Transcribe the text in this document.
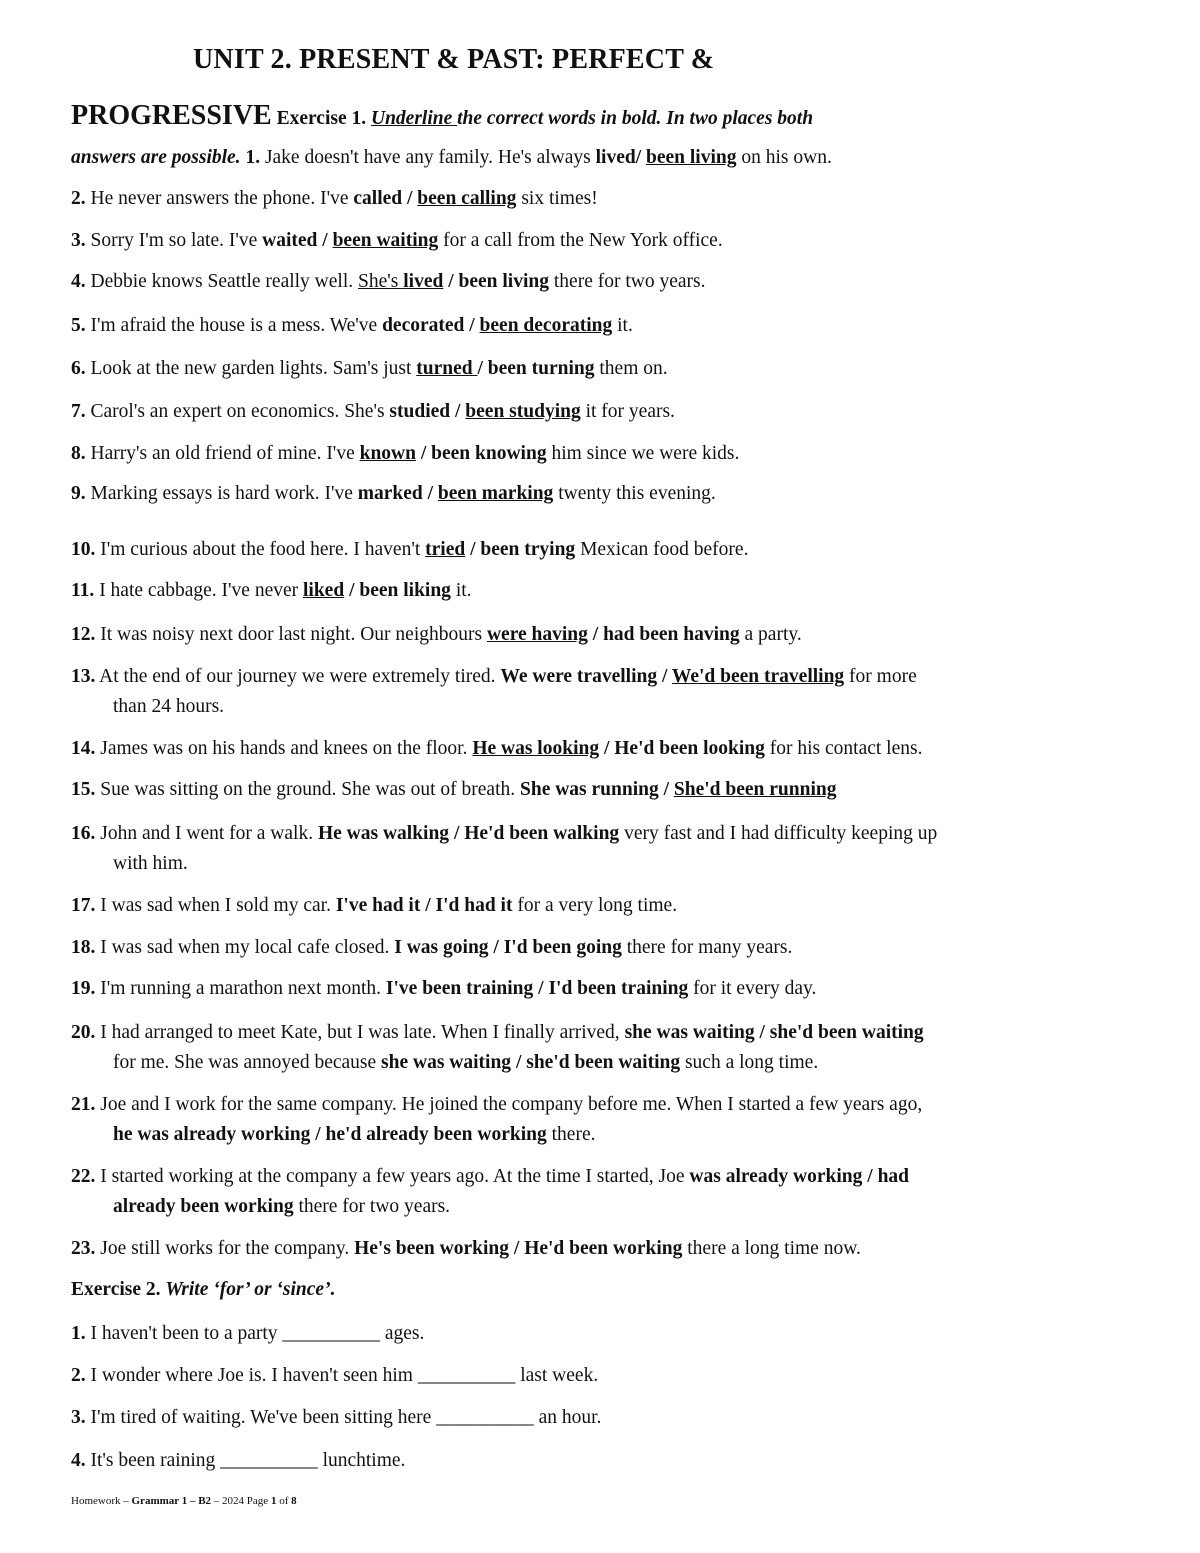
UNIT 2. PRESENT & PAST: PERFECT &
PROGRESSIVE Exercise 1. Underline the correct words in bold. In two places both
answers are possible. 1. Jake doesn't have any family. He's always lived/ been living on his own.
2. He never answers the phone. I've called / been calling six times!
3. Sorry I'm so late. I've waited / been waiting for a call from the New York office.
4. Debbie knows Seattle really well. She's lived / been living there for two years.
5. I'm afraid the house is a mess. We've decorated / been decorating it.
6. Look at the new garden lights. Sam's just turned / been turning them on.
7. Carol's an expert on economics. She's studied / been studying it for years.
8. Harry's an old friend of mine. I've known / been knowing him since we were kids.
9. Marking essays is hard work. I've marked / been marking twenty this evening.
10. I'm curious about the food here. I haven't tried / been trying Mexican food before.
11. I hate cabbage. I've never liked / been liking it.
12. It was noisy next door last night. Our neighbours were having / had been having a party.
13. At the end of our journey we were extremely tired. We were travelling / We'd been travelling for more
than 24 hours.
14. James was on his hands and knees on the floor. He was looking / He'd been looking for his contact lens.
15. Sue was sitting on the ground. She was out of breath. She was running / She'd been running
16. John and I went for a walk. He was walking / He'd been walking very fast and I had difficulty keeping up
with him.
17. I was sad when I sold my car. I've had it / I'd had it for a very long time.
18. I was sad when my local cafe closed. I was going / I'd been going there for many years.
19. I'm running a marathon next month. I've been training / I'd been training for it every day.
20. I had arranged to meet Kate, but I was late. When I finally arrived, she was waiting / she'd been waiting
for me. She was annoyed because she was waiting / she'd been waiting such a long time.
21. Joe and I work for the same company. He joined the company before me. When I started a few years ago,
he was already working / he'd already been working there.
22. I started working at the company a few years ago. At the time I started, Joe was already working / had
already been working there for two years.
23. Joe still works for the company. He's been working / He'd been working there a long time now.
Exercise 2. Write ‘for’ or ‘since’.
1. I haven't been to a party __________ ages.
2. I wonder where Joe is. I haven't seen him __________ last week.
3. I'm tired of waiting. We've been sitting here __________ an hour.
4. It's been raining __________ lunchtime.
Homework – Grammar 1 – B2 – 2024 Page 1 of 8
